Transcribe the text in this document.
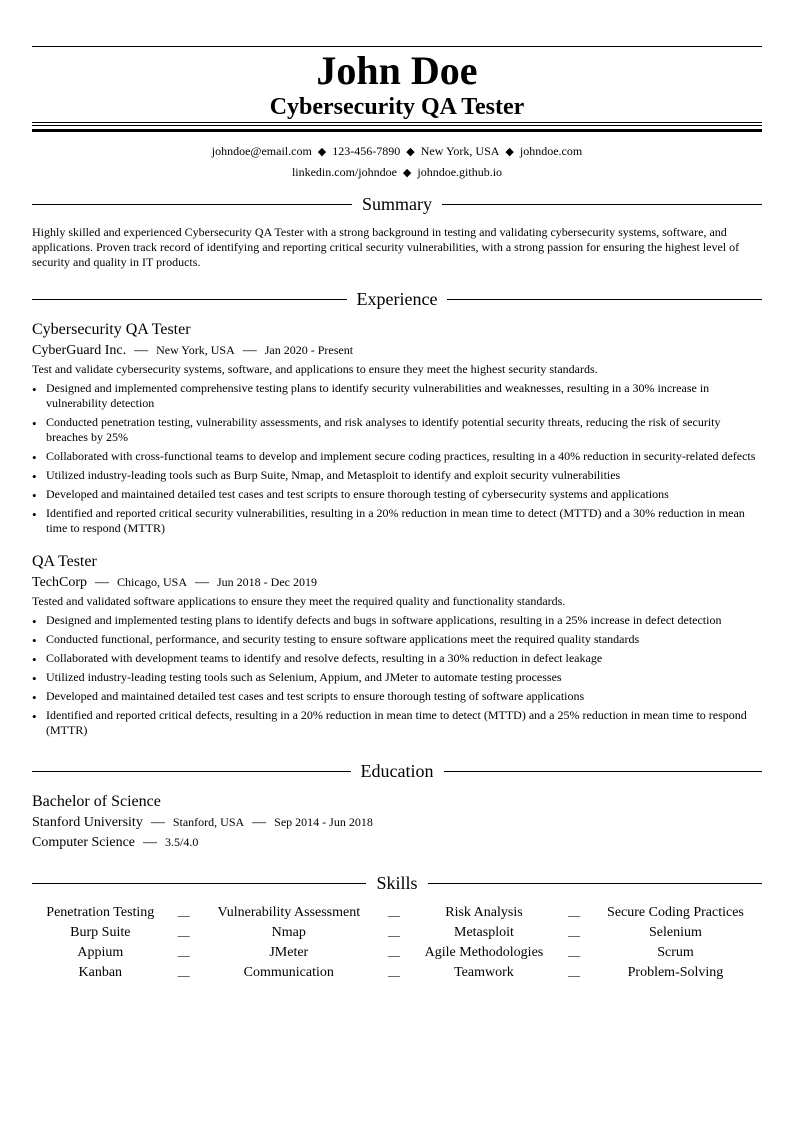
John Doe
Cybersecurity QA Tester
johndoe@email.com ◆ 123-456-7890 ◆ New York, USA ◆ johndoe.com
linkedin.com/johndoe ◆ johndoe.github.io
Summary
Highly skilled and experienced Cybersecurity QA Tester with a strong background in testing and validating cybersecurity systems, software, and applications. Proven track record of identifying and reporting critical security vulnerabilities, with a strong passion for ensuring the highest level of security and quality in IT products.
Experience
Cybersecurity QA Tester
CyberGuard Inc. — New York, USA — Jan 2020 - Present
Test and validate cybersecurity systems, software, and applications to ensure they meet the highest security standards.
• Designed and implemented comprehensive testing plans to identify security vulnerabilities and weaknesses, resulting in a 30% increase in vulnerability detection
• Conducted penetration testing, vulnerability assessments, and risk analyses to identify potential security threats, reducing the risk of security breaches by 25%
• Collaborated with cross-functional teams to develop and implement secure coding practices, resulting in a 40% reduction in security-related defects
• Utilized industry-leading tools such as Burp Suite, Nmap, and Metasploit to identify and exploit security vulnerabilities
• Developed and maintained detailed test cases and test scripts to ensure thorough testing of cybersecurity systems and applications
• Identified and reported critical security vulnerabilities, resulting in a 20% reduction in mean time to detect (MTTD) and a 30% reduction in mean time to respond (MTTR)
QA Tester
TechCorp — Chicago, USA — Jun 2018 - Dec 2019
Tested and validated software applications to ensure they meet the required quality and functionality standards.
• Designed and implemented testing plans to identify defects and bugs in software applications, resulting in a 25% increase in defect detection
• Conducted functional, performance, and security testing to ensure software applications meet the required quality standards
• Collaborated with development teams to identify and resolve defects, resulting in a 30% reduction in defect leakage
• Utilized industry-leading testing tools such as Selenium, Appium, and JMeter to automate testing processes
• Developed and maintained detailed test cases and test scripts to ensure thorough testing of software applications
• Identified and reported critical defects, resulting in a 20% reduction in mean time to detect (MTTD) and a 25% reduction in mean time to respond (MTTR)
Education
Bachelor of Science
Stanford University — Stanford, USA — Sep 2014 - Jun 2018
Computer Science — 3.5/4.0
Skills
Penetration Testing	—	Vulnerability Assessment	—	Risk Analysis	—	Secure Coding Practices
Burp Suite	—	Nmap	—	Metasploit	—	Selenium
Appium	—	JMeter	—	Agile Methodologies	—	Scrum
Kanban	—	Communication	—	Teamwork	—	Problem-Solving
